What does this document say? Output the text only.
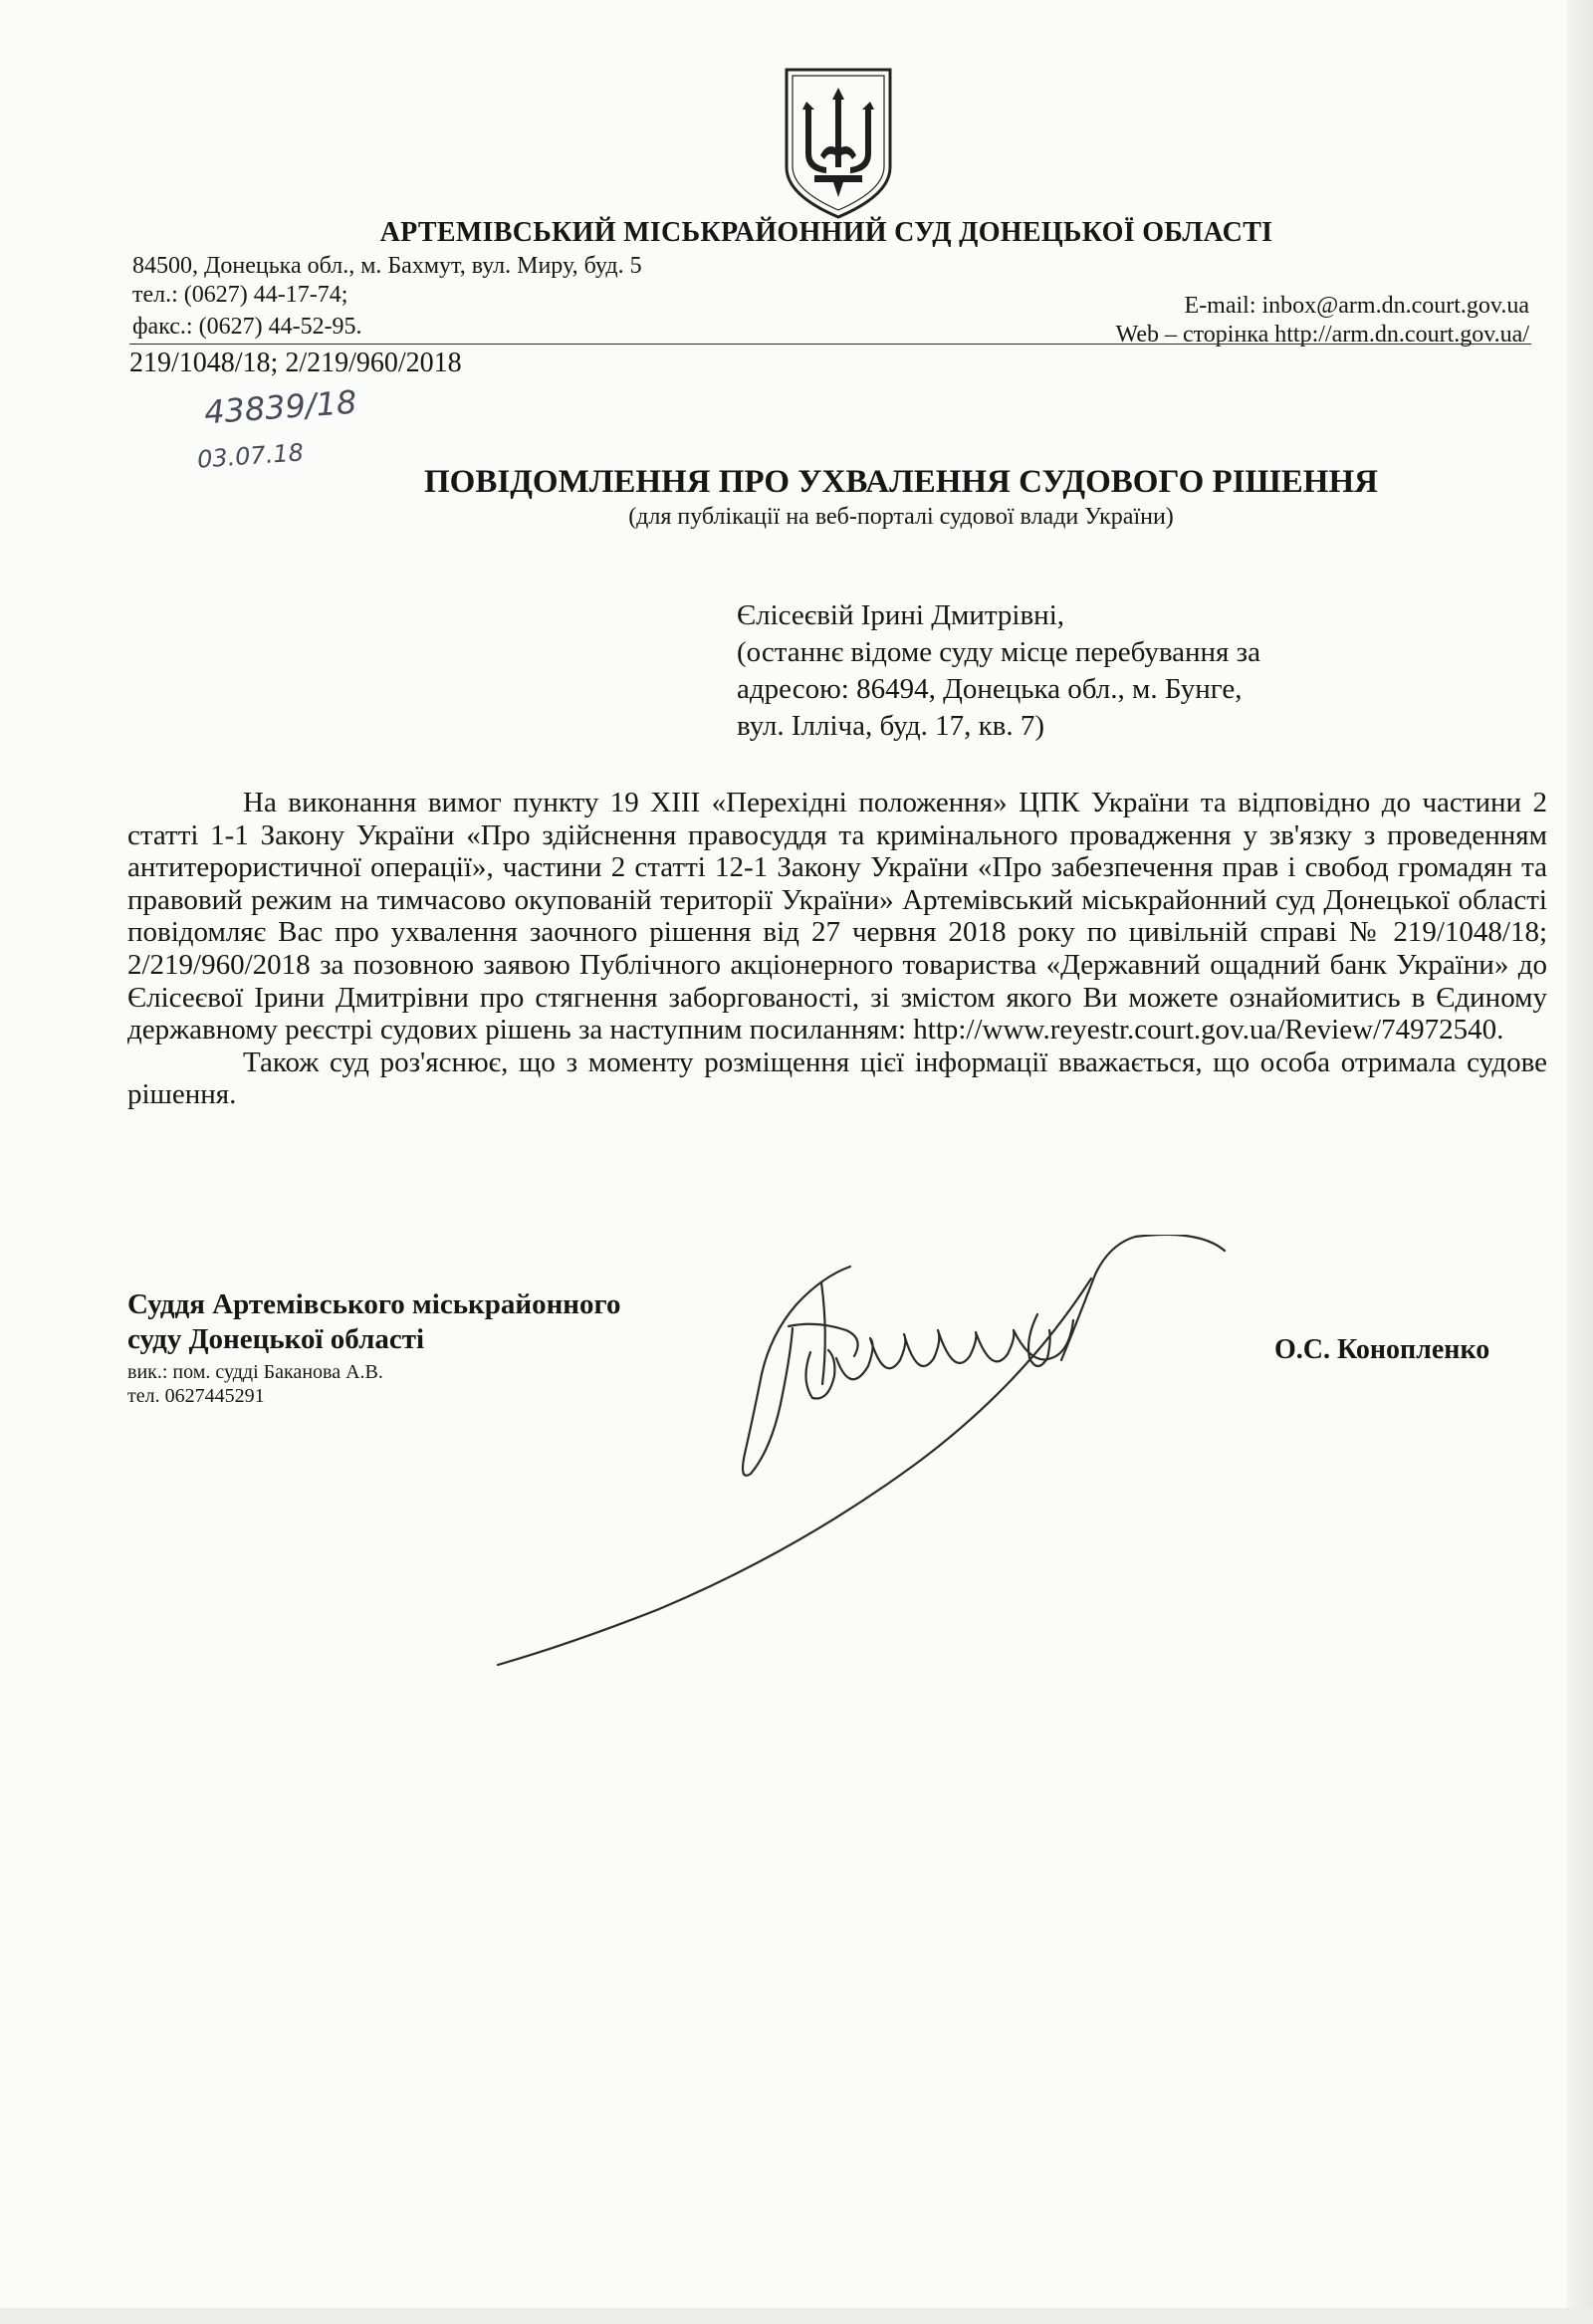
АРТЕМІВСЬКИЙ МІСЬКРАЙОННИЙ СУД ДОНЕЦЬКОЇ ОБЛАСТІ
84500, Донецька обл., м. Бахмут, вул. Миру, буд. 5
тел.: (0627) 44-17-74;
факс.: (0627) 44-52-95.
E-mail: inbox@arm.dn.court.gov.ua
Web – сторінка http://arm.dn.court.gov.ua/
219/1048/18; 2/219/960/2018
43839/18
03.07.18
ПОВІДОМЛЕННЯ ПРО УХВАЛЕННЯ СУДОВОГО РІШЕННЯ
(для публікації на веб-порталі судової влади України)
Єлісеєвій Ірині Дмитрівні,
(останнє відоме суду місце перебування за
адресою: 86494, Донецька обл., м. Бунге,
вул. Ілліча, буд. 17, кв. 7)

На виконання вимог пункту 19 ХIII «Перехідні положення» ЦПК України та відповідно до частини 2 статті 1-1 Закону України «Про здійснення правосуддя та кримінального провадження у зв'язку з проведенням антитерористичної операції», частини 2 статті 12-1 Закону України «Про забезпечення прав і свобод громадян та правовий режим на тимчасово окупованій території України» Артемівський міськрайонний суд Донецької області повідомляє Вас про ухвалення заочного рішення від 27 червня 2018 року по цивільній справі № 219/1048/18; 2/219/960/2018 за позовною заявою Публічного акціонерного товариства «Державний ощадний банк України» до Єлісеєвої Ірини Дмитрівни про стягнення заборгованості, зі змістом якого Ви можете ознайомитись в Єдиному державному реєстрі судових рішень за наступним посиланням: http://www.reyestr.court.gov.ua/Review/74972540.

Також суд роз'яснює, що з моменту розміщення цієї інформації вважається, що особа отримала судове рішення.

Суддя Артемівського міськрайонного
суду Донецької області
вик.: пом. судді Баканова А.В.
тел. 0627445291
О.С. Конопленко
